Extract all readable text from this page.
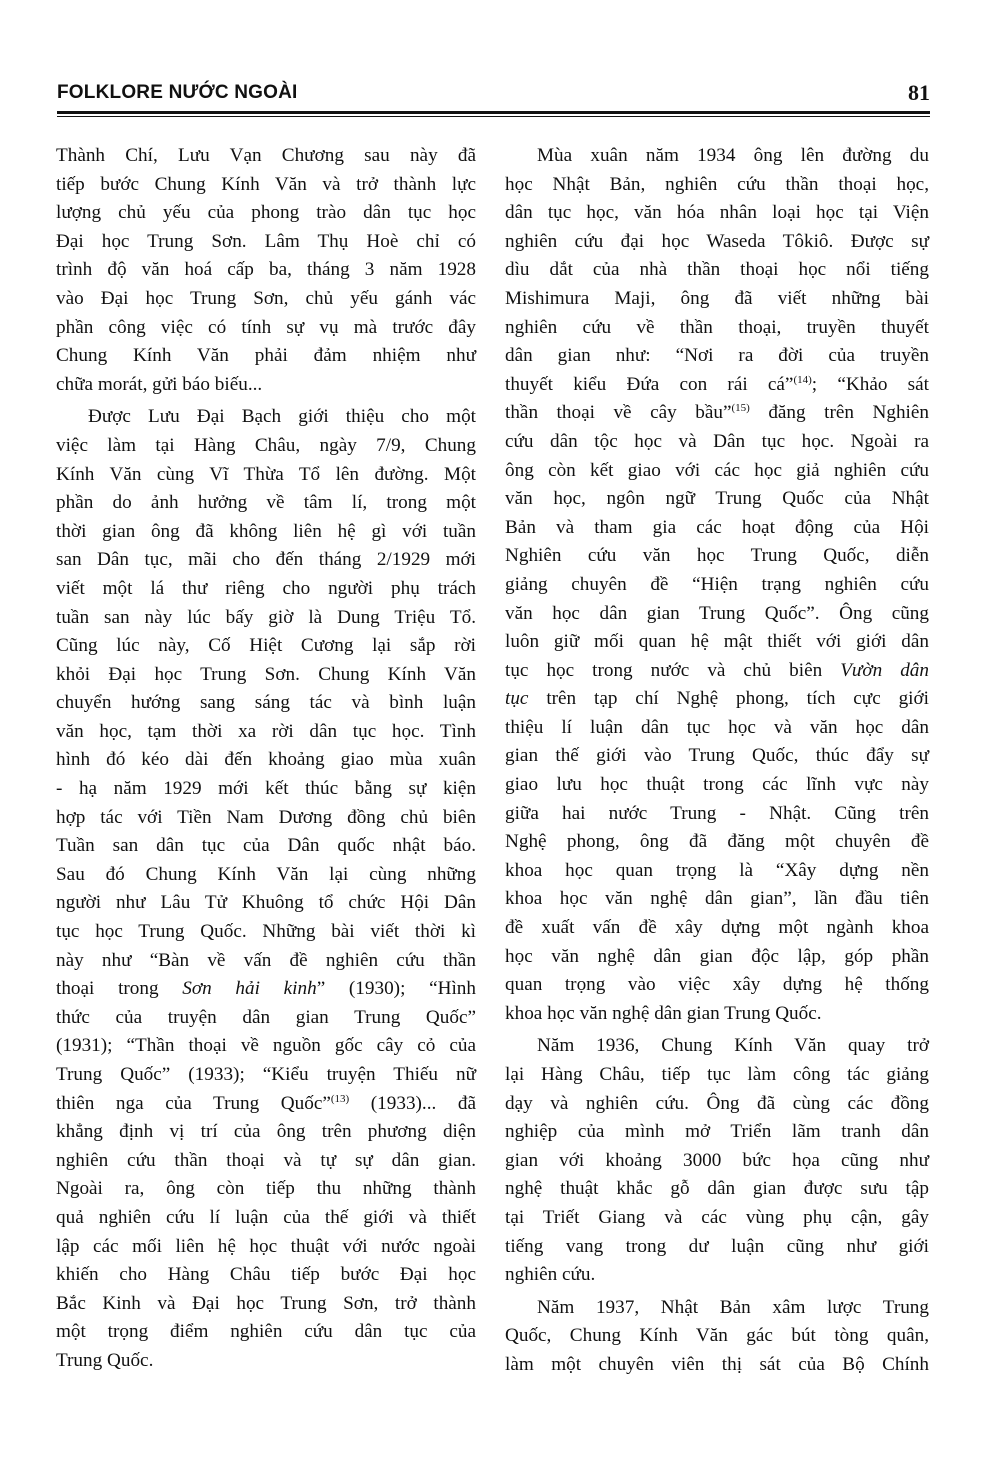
FOLKLORE NƯỚC NGOÀI	81
Thành Chí, Lưu Vạn Chương sau này đã
tiếp bước Chung Kính Văn và trở thành lực
lượng chủ yếu của phong trào dân tục học
Đại học Trung Sơn. Lâm Thụ Hoè chỉ có
trình độ văn hoá cấp ba, tháng 3 năm 1928
vào Đại học Trung Sơn, chủ yếu gánh vác
phần công việc có tính sự vụ mà trước đây
Chung Kính Văn phải đảm nhiệm như
chữa morát, gửi báo biếu...
Được Lưu Đại Bạch giới thiệu cho một
việc làm tại Hàng Châu, ngày 7/9, Chung
Kính Văn cùng Vĩ Thừa Tổ lên đường. Một
phần do ảnh hưởng về tâm lí, trong một
thời gian ông đã không liên hệ gì với tuần
san Dân tục, mãi cho đến tháng 2/1929 mới
viết một lá thư riêng cho người phụ trách
tuần san này lúc bấy giờ là Dung Triệu Tổ.
Cũng lúc này, Cố Hiệt Cương lại sắp rời
khỏi Đại học Trung Sơn. Chung Kính Văn
chuyển hướng sang sáng tác và bình luận
văn học, tạm thời xa rời dân tục học. Tình
hình đó kéo dài đến khoảng giao mùa xuân
- hạ năm 1929 mới kết thúc bằng sự kiện
hợp tác với Tiền Nam Dương đồng chủ biên
Tuần san dân tục của Dân quốc nhật báo.
Sau đó Chung Kính Văn lại cùng những
người như Lâu Tử Khuông tổ chức Hội Dân
tục học Trung Quốc. Những bài viết thời kì
này như “Bàn về vấn đề nghiên cứu thần
thoại trong Sơn hải kinh” (1930); “Hình
thức của truyện dân gian Trung Quốc”
(1931); “Thần thoại về nguồn gốc cây cỏ của
Trung Quốc” (1933); “Kiểu truyện Thiếu nữ
thiên nga của Trung Quốc”$^{(13)}$ (1933)... đã
khẳng định vị trí của ông trên phương diện
nghiên cứu thần thoại và tự sự dân gian.
Ngoài ra, ông còn tiếp thu những thành
quả nghiên cứu lí luận của thế giới và thiết
lập các mối liên hệ học thuật với nước ngoài
khiến cho Hàng Châu tiếp bước Đại học
Bắc Kinh và Đại học Trung Sơn, trở thành
một trọng điểm nghiên cứu dân tục của
Trung Quốc.
Mùa xuân năm 1934 ông lên đường du
học Nhật Bản, nghiên cứu thần thoại học,
dân tục học, văn hóa nhân loại học tại Viện
nghiên cứu đại học Waseda Tôkiô. Được sự
dìu dắt của nhà thần thoại học nổi tiếng
Mishimura Maji, ông đã viết những bài
nghiên cứu về thần thoại, truyền thuyết
dân gian như: “Nơi ra đời của truyền
thuyết kiểu Đứa con rái cá”$^{(14)}$; “Khảo sát
thần thoại về cây bầu”$^{(15)}$ đăng trên Nghiên
cứu dân tộc học và Dân tục học. Ngoài ra
ông còn kết giao với các học giả nghiên cứu
văn học, ngôn ngữ Trung Quốc của Nhật
Bản và tham gia các hoạt động của Hội
Nghiên cứu văn học Trung Quốc, diễn
giảng chuyên đề “Hiện trạng nghiên cứu
văn học dân gian Trung Quốc”. Ông cũng
luôn giữ mối quan hệ mật thiết với giới dân
tục học trong nước và chủ biên Vườn dân
tục trên tạp chí Nghệ phong, tích cực giới
thiệu lí luận dân tục học và văn học dân
gian thế giới vào Trung Quốc, thúc đẩy sự
giao lưu học thuật trong các lĩnh vực này
giữa hai nước Trung - Nhật. Cũng trên
Nghệ phong, ông đã đăng một chuyên đề
khoa học quan trọng là “Xây dựng nền
khoa học văn nghệ dân gian”, lần đầu tiên
đề xuất vấn đề xây dựng một ngành khoa
học văn nghệ dân gian độc lập, góp phần
quan trọng vào việc xây dựng hệ thống
khoa học văn nghệ dân gian Trung Quốc.
Năm 1936, Chung Kính Văn quay trở
lại Hàng Châu, tiếp tục làm công tác giảng
dạy và nghiên cứu. Ông đã cùng các đồng
nghiệp của mình mở Triển lãm tranh dân
gian với khoảng 3000 bức họa cũng như
nghệ thuật khắc gỗ dân gian được sưu tập
tại Triết Giang và các vùng phụ cận, gây
tiếng vang trong dư luận cũng như giới
nghiên cứu.
Năm 1937, Nhật Bản xâm lược Trung
Quốc, Chung Kính Văn gác bút tòng quân,
làm một chuyên viên thị sát của Bộ Chính
